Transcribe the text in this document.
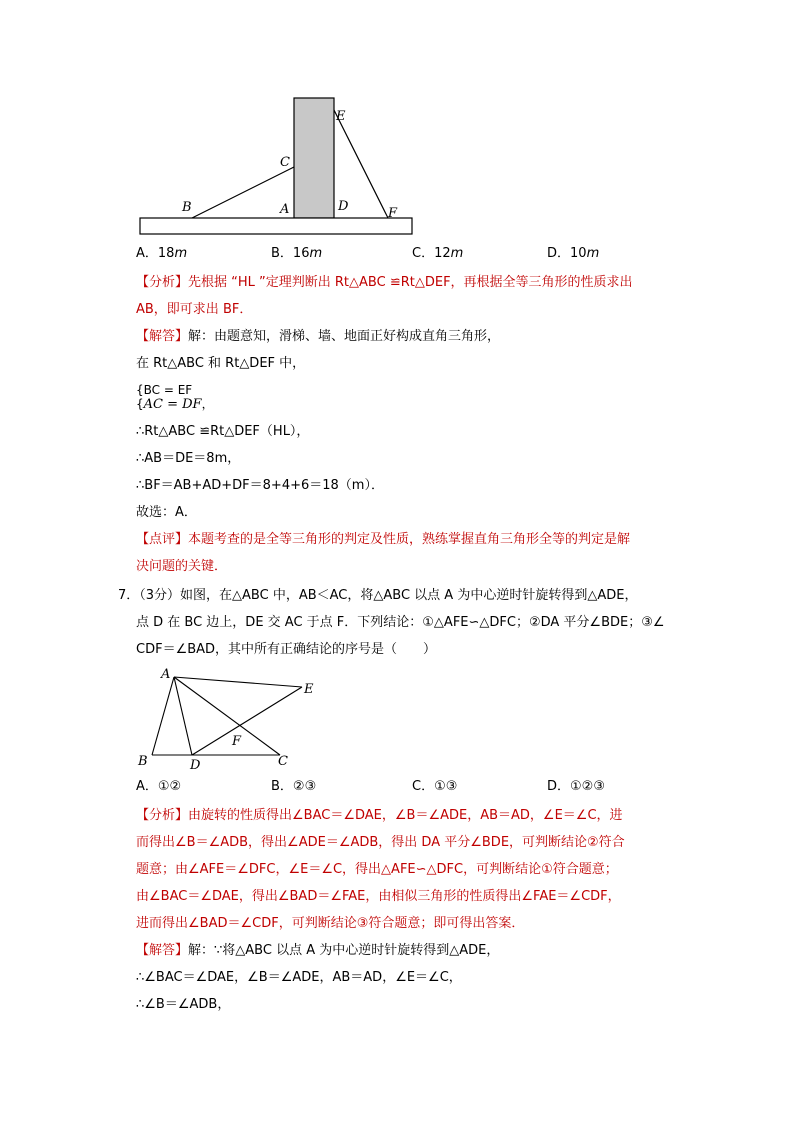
E
C
B	A	D	F
A．18m	B．16m	C．12m	D．10m
【分析】先根据 “HL ”定理判断出 Rt△ABC ≌Rt△DEF，再根据全等三角形的性质求出
AB，即可求出 BF．
【解答】解：由题意知，滑梯、墙、地面正好构成直角三角形，
在 Rt△ABC 和 Rt△DEF 中，
{BC = EF
{AC = DF，
∴Rt△ABC ≌Rt△DEF（HL），
∴AB＝DE＝8m，
∴BF＝AB+AD+DF＝8+4+6＝18（m）．
故选：A．
【点评】本题考查的是全等三角形的判定及性质，熟练掌握直角三角形全等的判定是解
决问题的关键．
7．（3分）如图，在△ABC 中，AB＜AC，将△ABC 以点 A 为中心逆时针旋转得到△ADE，
点 D 在 BC 边上，DE 交 AC 于点 F．下列结论：①△AFE∽△DFC；②DA 平分∠BDE；③∠
CDF＝∠BAD，其中所有正确结论的序号是（　　）
A
E
F
B	D	C
A．①②	B．②③	C．①③	D．①②③
【分析】由旋转的性质得出∠BAC＝∠DAE，∠B＝∠ADE，AB＝AD，∠E＝∠C，进
而得出∠B＝∠ADB，得出∠ADE＝∠ADB，得出 DA 平分∠BDE，可判断结论②符合
题意；由∠AFE＝∠DFC，∠E＝∠C，得出△AFE∽△DFC，可判断结论①符合题意；
由∠BAC＝∠DAE，得出∠BAD＝∠FAE，由相似三角形的性质得出∠FAE＝∠CDF，
进而得出∠BAD＝∠CDF，可判断结论③符合题意；即可得出答案．
【解答】解：∵将△ABC 以点 A 为中心逆时针旋转得到△ADE，
∴∠BAC＝∠DAE，∠B＝∠ADE，AB＝AD，∠E＝∠C，
∴∠B＝∠ADB，
